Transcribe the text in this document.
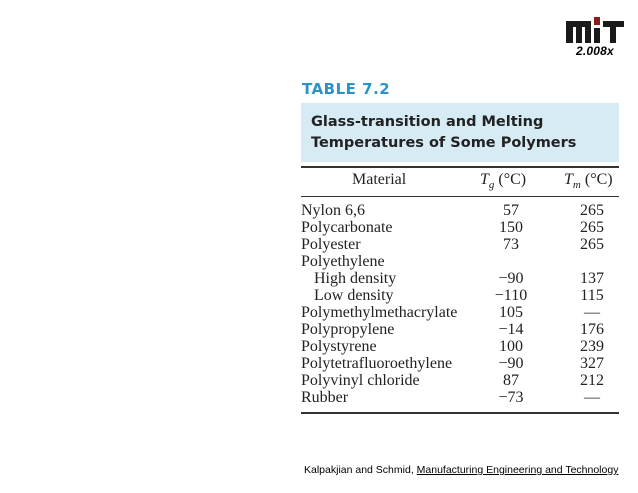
2.008x
TABLE 7.2
Glass-transition and Melting Temperatures of Some Polymers
Material	$T_g$ (°C) $T_m$ (°C)
Nylon 6,6	57	265
Polycarbonate	150	265
Polyester	73	265
Polyethylene
High density	−90	137
Low density	−110	115
Polymethylmethacrylate	105	—
Polypropylene	−14	176
Polystyrene	100	239
Polytetrafluoroethylene	−90	327
Polyvinyl chloride	87	212
Rubber	−73	—
Kalpakjian and Schmid, Manufacturing Engineering and Technology
